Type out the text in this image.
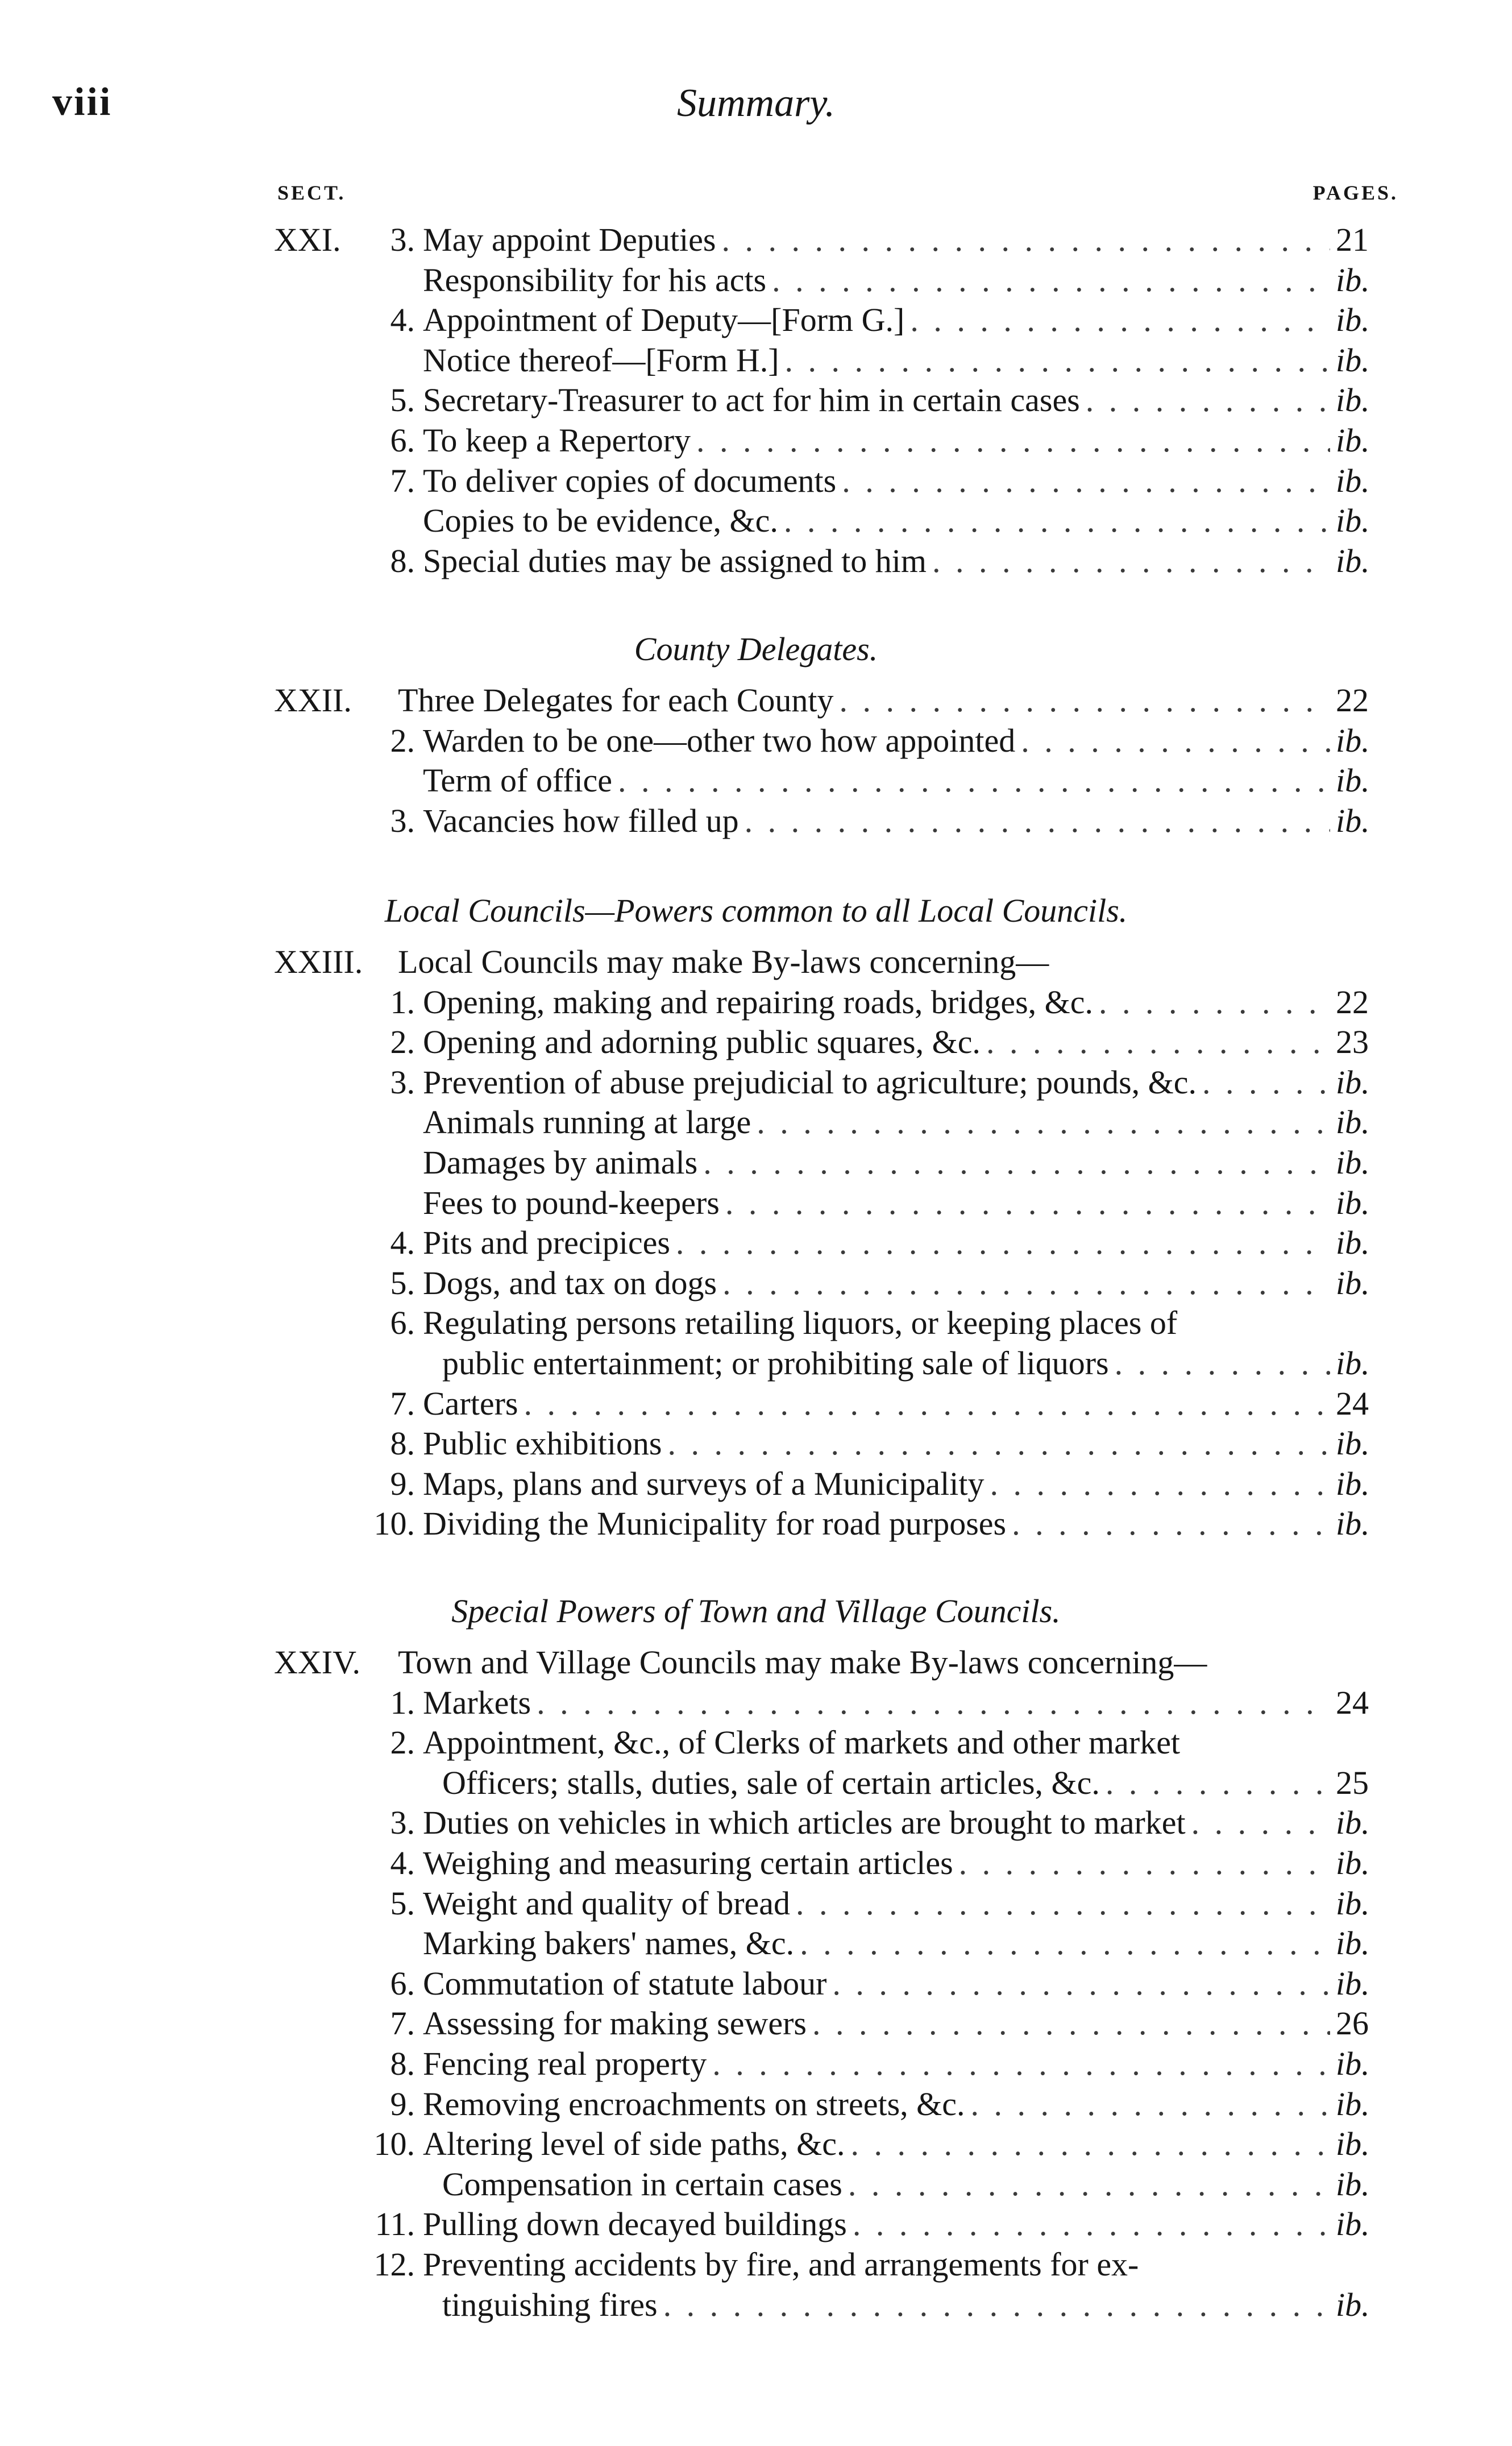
viii	Summary.
SECT.	PAGES.
XXI.	3. May appoint Deputies . . .	21
Responsibility for his acts . . .	ib.
4. Appointment of Deputy—[Form G.] . . .	ib.
Notice thereof—[Form H.] . . .	ib.
5. Secretary-Treasurer to act for him in certain cases . . .	ib.
6. To keep a Repertory . . .	ib.
7. To deliver copies of documents . . .	ib.
Copies to be evidence, &c. . . .	ib.
8. Special duties may be assigned to him . . .	ib.
County Delegates.
XXII. Three Delegates for each County . . .	22
2. Warden to be one—other two how appointed . . .	ib.
Term of office . . .	ib.
3. Vacancies how filled up . . .	ib.
Local Councils—Powers common to all Local Councils.
XXIII. Local Councils may make By-laws concerning—
1. Opening, making and repairing roads, bridges, &c. . . .	22
2. Opening and adorning public squares, &c. . . .	23
3. Prevention of abuse prejudicial to agriculture; pounds, &c. . . .	ib.
Animals running at large . . .	ib.
Damages by animals . . .	ib.
Fees to pound-keepers . . .	ib.
4. Pits and precipices . . .	ib.
5. Dogs, and tax on dogs . . .	ib.
6. Regulating persons retailing liquors, or keeping places of
public entertainment; or prohibiting sale of liquors . . .	ib.
7. Carters . . .	24
8. Public exhibitions . . .	ib.
9. Maps, plans and surveys of a Municipality . . .	ib.
10. Dividing the Municipality for road purposes . . .	ib.
Special Powers of Town and Village Councils.
XXIV. Town and Village Councils may make By-laws concerning—
1. Markets . . .	24
2. Appointment, &c., of Clerks of markets and other market
Officers; stalls, duties, sale of certain articles, &c. . . .	25
3. Duties on vehicles in which articles are brought to market . . .	ib.
4. Weighing and measuring certain articles . . .	ib.
5. Weight and quality of bread . . .	ib.
Marking bakers' names, &c. . . .	ib.
6. Commutation of statute labour . . .	ib.
7. Assessing for making sewers . . .	26
8. Fencing real property . . .	ib.
9. Removing encroachments on streets, &c. . . .	ib.
10. Altering level of side paths, &c. . . .	ib.
Compensation in certain cases . . .	ib.
11. Pulling down decayed buildings . . .	ib.
12. Preventing accidents by fire, and arrangements for ex-
tinguishing fires . . .	ib.
